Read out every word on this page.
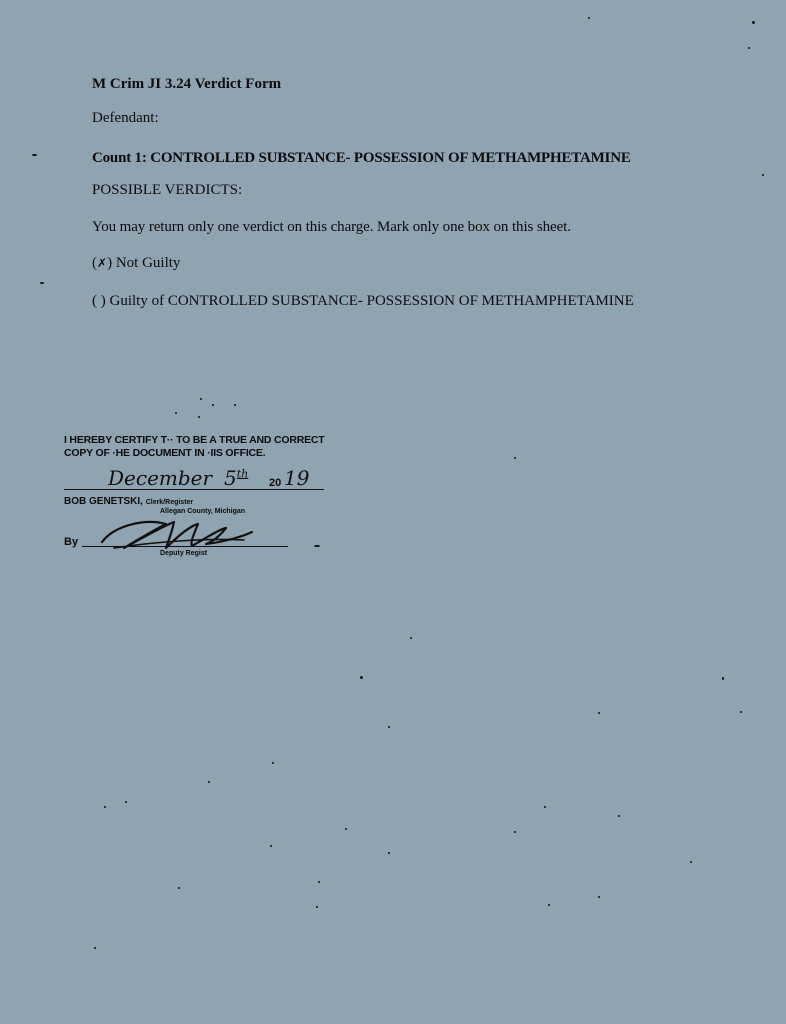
M Crim JI 3.24 Verdict Form
Defendant:
Count 1: CONTROLLED SUBSTANCE- POSSESSION OF METHAMPHETAMINE
POSSIBLE VERDICTS:
You may return only one verdict on this charge. Mark only one box on this sheet.
(✗) Not Guilty
( ) Guilty of CONTROLLED SUBSTANCE- POSSESSION OF METHAMPHETAMINE
I HEREBY CERTIFY T·· TO BE A TRUE AND CORRECT COPY OF ·HE DOCUMENT IN ·IIS OFFICE.
December 5th
20 19
BOB GENETSKI, Clerk/Register
Allegan County, Michigan
By
Deputy Regist
